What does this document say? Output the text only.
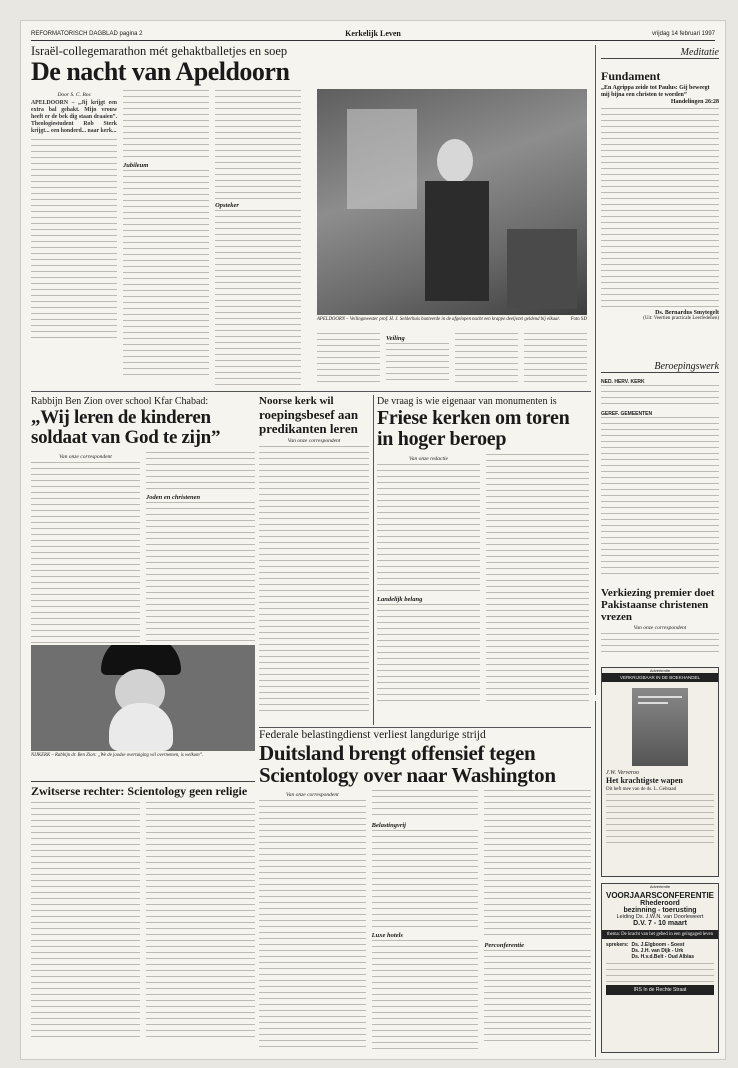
REFORMATORISCH DAGBLAD pagina 2	Kerkelijk Leven	vrijdag 14 februari 1997
Israël-collegemarathon mét gehaktballetjes en soep
De nacht van Apeldoorn
Door S. C. Bos
APELDOORN – „Jij krijgt een extra bal gehakt. Mijn vrouw heeft er de bek dig staan draaien”. Theologiestudent Rob Sterk krijgt... een honderd... naar kerk...
Jubileum
Opsteker
APELDOORN – Veilingmeester prof. H. J. Selderhuis hanteerde in de afgelopen nacht een krappe deeljezel geldend bij elkaar. Foto SD
Veiling
Meditatie
Fundament
„En Agrippa zeide tot Paulus: Gij beweegt mij bijna een christen te worden”
Handelingen 26:28
Ds. Bernardus Smytegelt
(Uit: Veertien practicale Leerredenen)
Beroepingswerk
NED. HERV. KERK
GEREF. GEMEENTEN
Rabbijn Ben Zion over school Kfar Chabad:
„Wij leren de kinderen soldaat van God te zijn”
Van onze correspondent
Joden en christenen
NIJKERK – Rabbijn dr. Ben Zion: „We de joodse overtuiging wil overnemen, is welkom”.
Noorse kerk wil
roepingsbesef aan predikanten leren
Van onze correspondent
De vraag is wie eigenaar van monumenten is
Friese kerken om toren in hoger beroep
Van onze redactie
Landelijk belang
Verkiezing premier doet Pakistaanse christenen vrezen
Van onze correspondent
Advertentie
VERKRIJGBAAR IN DE BOEKHANDEL
J.W. Ververoo
Het krachtigste wapen
Dit heft mee van de ds. L. Gebraad
Federale belastingdienst verliest langdurige strijd
Duitsland brengt offensief tegen Scientology over naar Washington
Van onze correspondent
Belastingvrij
Luxe hotels
Perconferentie
Zwitserse rechter: Scientology geen religie
Advertentie
VOORJAARSCONFERENTIE
Rhederoord
bezinning - toerusting
Leiding Ds. J.W.N. van Doorleweert
D.V. 7 - 10 maart
thema: De kracht van het gebed in een geïngaged leven
sprekers: Ds. J.Elgboom - Soest
Ds. J.H. van Dijk - Urk
Ds. H.v.d.Belt - Oud Alblas
IRS In de Rechte Straat
